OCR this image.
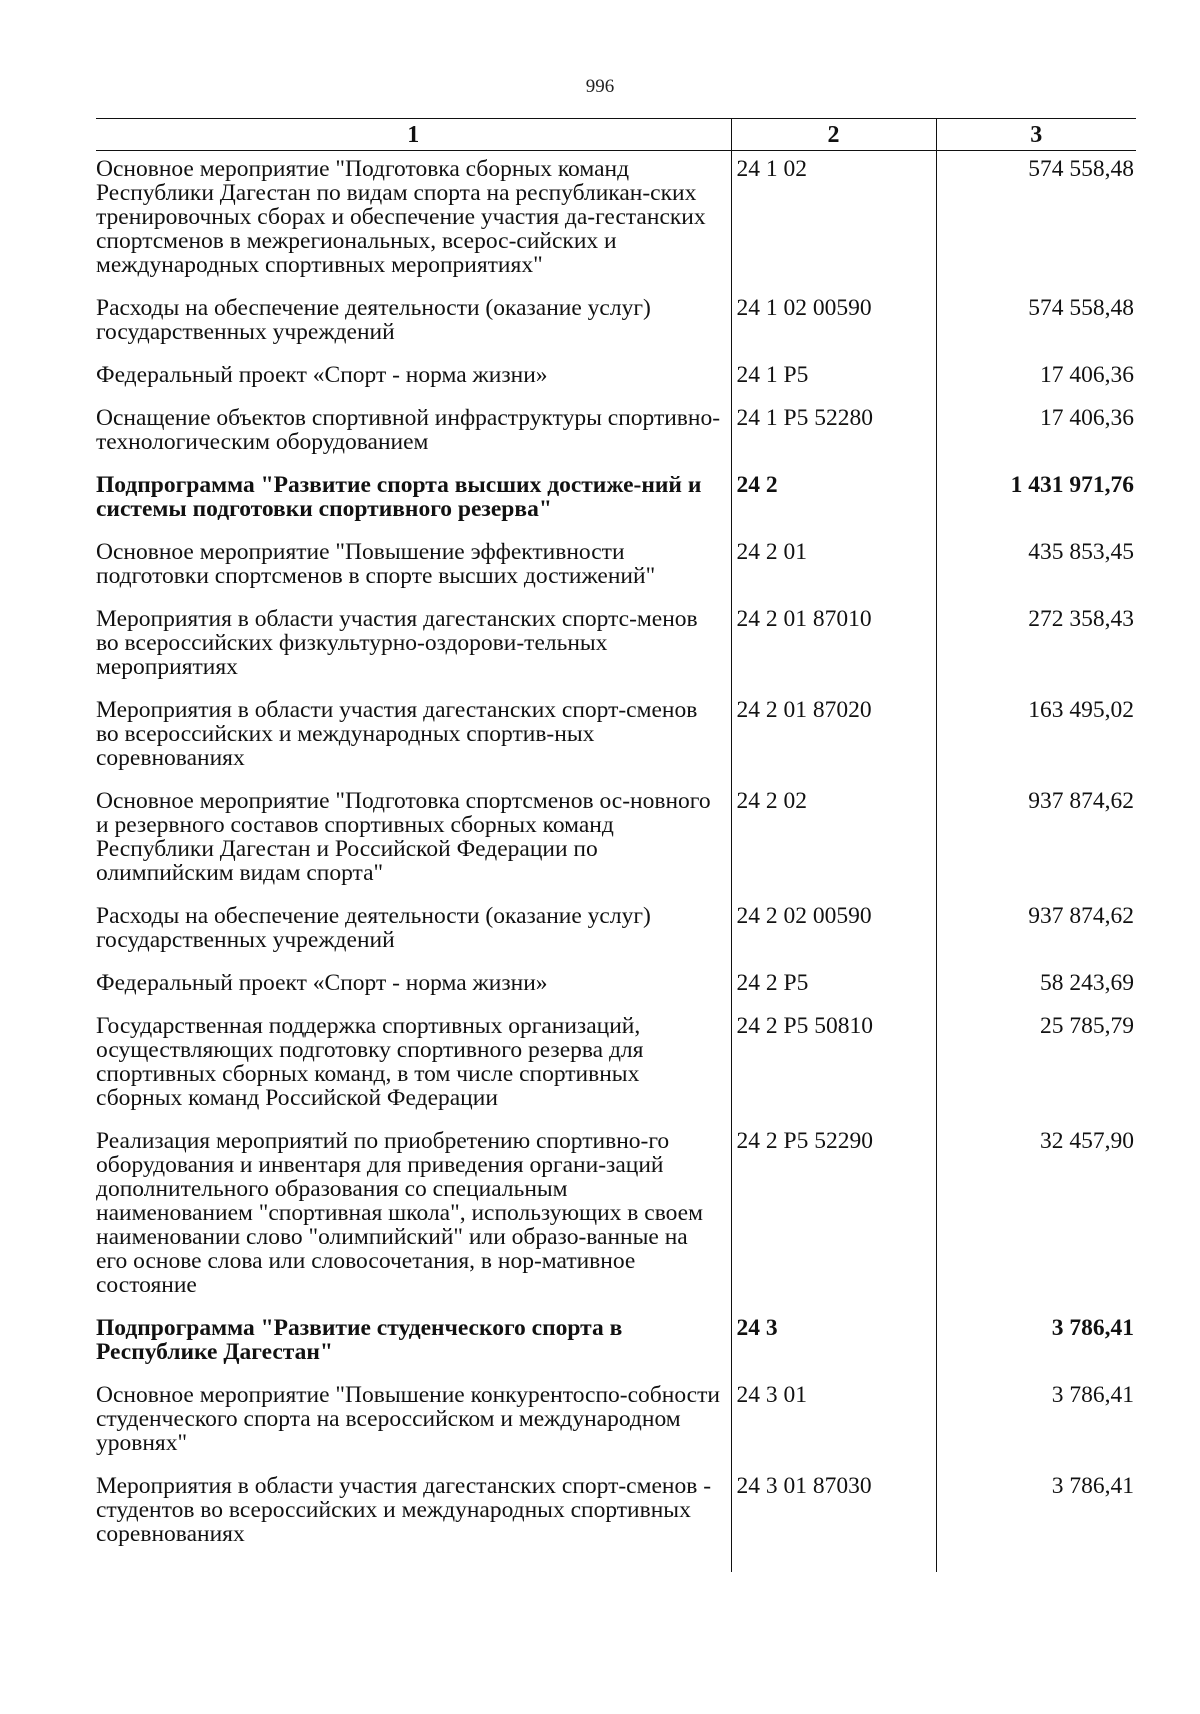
996
1	2	3
Основное мероприятие "Подготовка сборных команд Республики Дагестан по видам спорта на республикан-ских тренировочных сборах и обеспечение участия да-гестанских спортсменов в межрегиональных, всерос-сийских и международных спортивных мероприятиях"	24 1 02	574 558,48
Расходы на обеспечение деятельности (оказание услуг) государственных учреждений	24 1 02 00590	574 558,48
Федеральный проект «Спорт - норма жизни»	24 1 Р5	17 406,36
Оснащение объектов спортивной инфраструктуры спортивно-технологическим оборудованием	24 1 Р5 52280	17 406,36
Подпрограмма "Развитие спорта высших достиже-ний и системы подготовки спортивного резерва"	24 2	1 431 971,76
Основное мероприятие "Повышение эффективности подготовки спортсменов в спорте высших достижений"	24 2 01	435 853,45
Мероприятия в области участия дагестанских спортс-менов во всероссийских физкультурно-оздорови-тельных мероприятиях	24 2 01 87010	272 358,43
Мероприятия в области участия дагестанских спорт-сменов во всероссийских и международных спортив-ных соревнованиях	24 2 01 87020	163 495,02
Основное мероприятие "Подготовка спортсменов ос-новного и резервного составов спортивных сборных команд Республики Дагестан и Российской Федерации по олимпийским видам спорта"	24 2 02	937 874,62
Расходы на обеспечение деятельности (оказание услуг) государственных учреждений	24 2 02 00590	937 874,62
Федеральный проект «Спорт - норма жизни»	24 2 Р5	58 243,69
Государственная поддержка спортивных организаций, осуществляющих подготовку спортивного резерва для спортивных сборных команд, в том числе спортивных сборных команд Российской Федерации	24 2 Р5 50810	25 785,79
Реализация мероприятий по приобретению спортивно-го оборудования и инвентаря для приведения органи-заций дополнительного образования со специальным наименованием "спортивная школа", использующих в своем наименовании слово "олимпийский" или образо-ванные на его основе слова или словосочетания, в нор-мативное состояние	24 2 Р5 52290	32 457,90
Подпрограмма "Развитие студенческого спорта в Республике Дагестан"	24 3	3 786,41
Основное мероприятие "Повышение конкурентоспо-собности студенческого спорта на всероссийском и международном уровнях"	24 3 01	3 786,41
Мероприятия в области участия дагестанских спорт-сменов - студентов во всероссийских и международных спортивных соревнованиях	24 3 01 87030	3 786,41
